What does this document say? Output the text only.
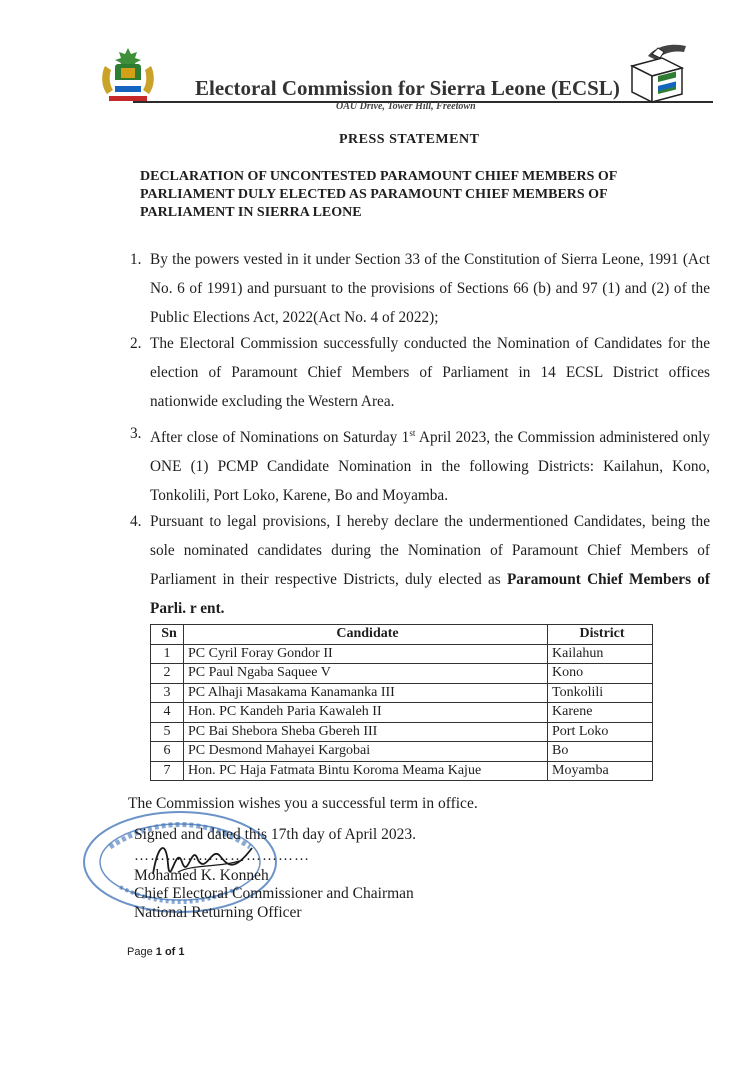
Electoral Commission for Sierra Leone (ECSL)
OAU Drive, Tower Hill, Freetown
PRESS STATEMENT
DECLARATION OF UNCONTESTED PARAMOUNT CHIEF MEMBERS OF PARLIAMENT DULY ELECTED AS PARAMOUNT CHIEF MEMBERS OF PARLIAMENT IN SIERRA LEONE
1. By the powers vested in it under Section 33 of the Constitution of Sierra Leone, 1991 (Act No. 6 of 1991) and pursuant to the provisions of Sections 66 (b) and 97 (1) and (2) of the Public Elections Act, 2022(Act No. 4 of 2022);
2. The Electoral Commission successfully conducted the Nomination of Candidates for the election of Paramount Chief Members of Parliament in 14 ECSL District offices nationwide excluding the Western Area.
3. After close of Nominations on Saturday 1st April 2023, the Commission administered only ONE (1) PCMP Candidate Nomination in the following Districts: Kailahun, Kono, Tonkolili, Port Loko, Karene, Bo and Moyamba.
4. Pursuant to legal provisions, I hereby declare the undermentioned Candidates, being the sole nominated candidates during the Nomination of Paramount Chief Members of Parliament in their respective Districts, duly elected as Paramount Chief Members of Parli. r ent.
Sn	Candidate	District
1	PC Cyril Foray Gondor II	Kailahun
2	PC Paul Ngaba Saquee V	Kono
3	PC Alhaji Masakama Kanamanka III	Tonkolili
4	Hon. PC Kandeh Paria Kawaleh II	Karene
5	PC Bai Shebora Sheba Gbereh III	Port Loko
6	PC Desmond Mahayei Kargobai	Bo
7	Hon. PC Haja Fatmata Bintu Koroma Meama Kajue	Moyamba
The Commission wishes you a successful term in office.
Signed and dated this 17th day of April 2023.
……………………………
Mohamed K. Konneh
Chief Electoral Commissioner and Chairman
National Returning Officer
Page 1 of 1
